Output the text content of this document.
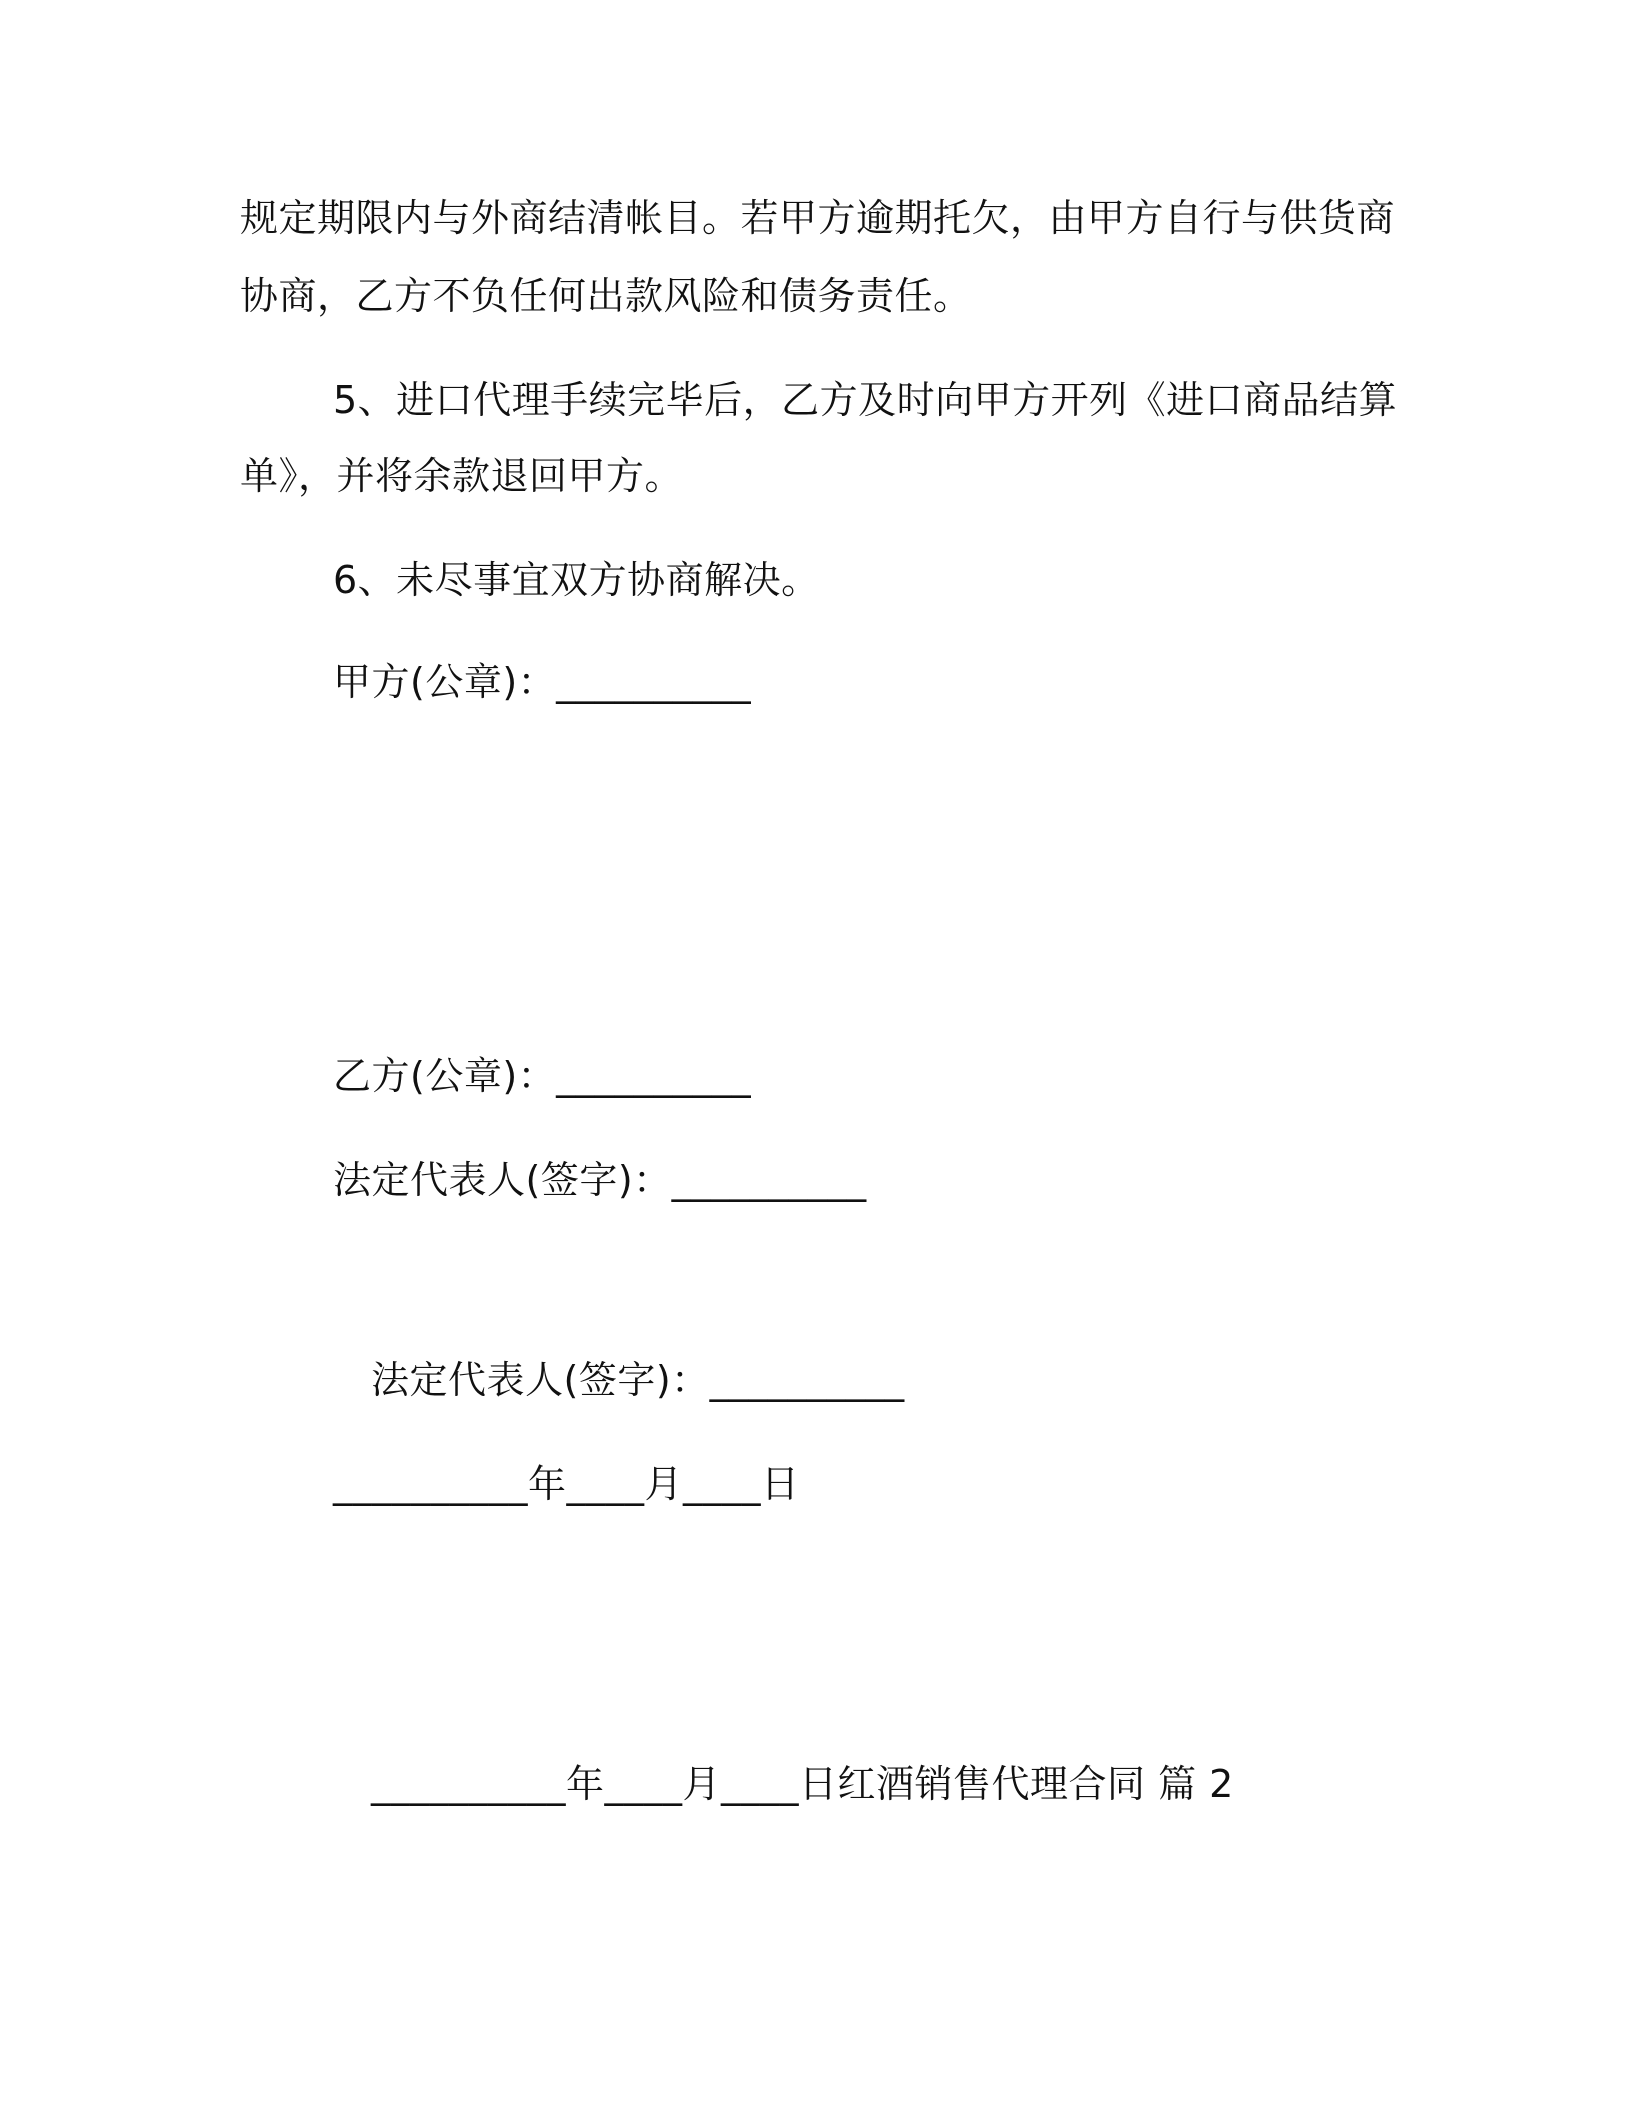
规定期限内与外商结清帐目。若甲方逾期托欠，由甲方自行与供货商
协商，乙方不负任何出款风险和债务责任。
5、进口代理手续完毕后，乙方及时向甲方开列《进口商品结算
单》，并将余款退回甲方。
6、未尽事宜双方协商解决。
甲方(公章)：__________
乙方(公章)：__________
法定代表人(签字)：__________
法定代表人(签字)：__________
__________年____月____日
__________年____月____日红酒销售代理合同 篇 2
